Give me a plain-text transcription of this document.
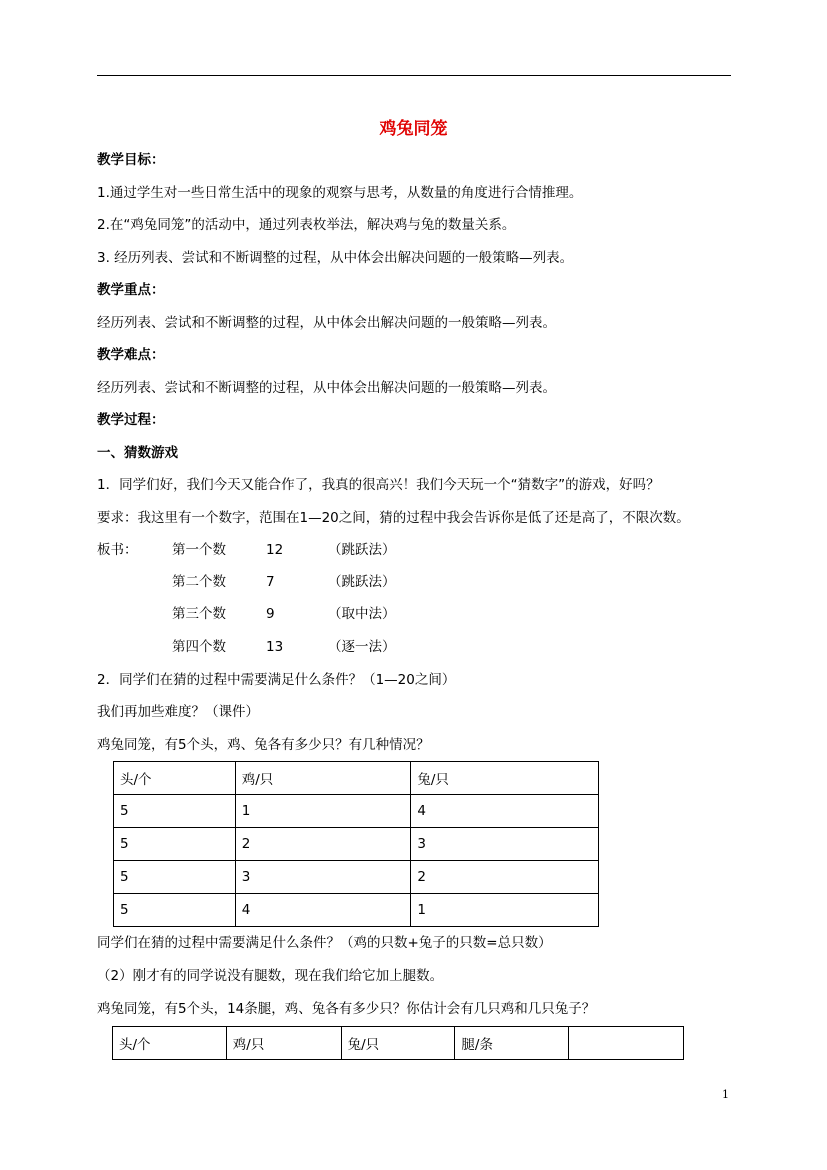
鸡兔同笼
教学目标：
1.通过学生对一些日常生活中的现象的观察与思考，从数量的角度进行合情推理。
2.在“鸡兔同笼”的活动中，通过列表枚举法，解决鸡与兔的数量关系。
3. 经历列表、尝试和不断调整的过程，从中体会出解决问题的一般策略—列表。
教学重点：
经历列表、尝试和不断调整的过程，从中体会出解决问题的一般策略—列表。
教学难点：
经历列表、尝试和不断调整的过程，从中体会出解决问题的一般策略—列表。
教学过程：
一、猜数游戏
1．同学们好，我们今天又能合作了，我真的很高兴！我们今天玩一个“猜数字”的游戏，好吗？
要求：我这里有一个数字，范围在1—20之间，猜的过程中我会告诉你是低了还是高了，不限次数。
板书：	第一个数	12	（跳跃法）
第二个数	7	（跳跃法）
第三个数	9	（取中法）
第四个数	13	（逐一法）
2．同学们在猜的过程中需要满足什么条件？（1—20之间）
我们再加些难度？（课件）
鸡兔同笼，有5个头，鸡、兔各有多少只？有几种情况？
头/个	鸡/只	兔/只
5	1	4
5	2	3
5	3	2
5	4	1
同学们在猜的过程中需要满足什么条件？（鸡的只数+兔子的只数=总只数）
（2）刚才有的同学说没有腿数，现在我们给它加上腿数。
鸡兔同笼，有5个头，14条腿，鸡、兔各有多少只？你估计会有几只鸡和几只兔子？
头/个	鸡/只	兔/只	腿/条	
1
